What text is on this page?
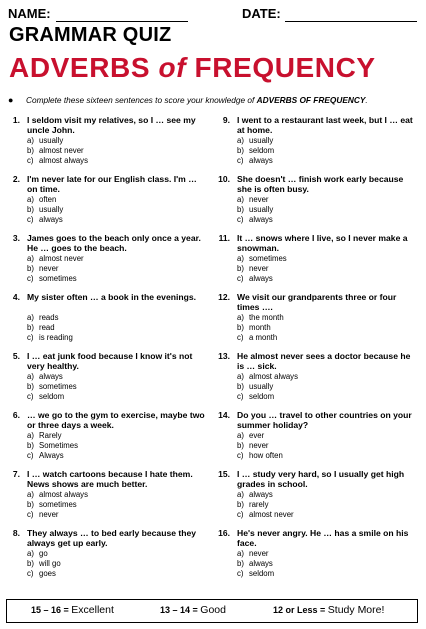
NAME:	DATE:
GRAMMAR QUIZ
ADVERBS of FREQUENCY
● Complete these sixteen sentences to score your knowledge of ADVERBS OF FREQUENCY.
1. I seldom visit my relatives, so I … see my uncle John.
a) usually
b) almost never
c) almost always
2. I'm never late for our English class. I'm … on time.
a) often
b) usually
c) always
3. James goes to the beach only once a year. He … goes to the beach.
a) almost never
b) never
c) sometimes
4. My sister often … a book in the evenings.
a) reads
b) read
c) is reading
5. I … eat junk food because I know it's not very healthy.
a) always
b) sometimes
c) seldom
6. … we go to the gym to exercise, maybe two or three days a week.
a) Rarely
b) Sometimes
c) Always
7. I … watch cartoons because I hate them. News shows are much better.
a) almost always
b) sometimes
c) never
8. They always … to bed early because they always get up early.
a) go
b) will go
c) goes
9. I went to a restaurant last week, but I … eat at home.
a) usually
b) seldom
c) always
10. She doesn't … finish work early because she is often busy.
a) never
b) usually
c) always
11. It … snows where I live, so I never make a snowman.
a) sometimes
b) never
c) always
12. We visit our grandparents three or four times ….
a) the month
b) month
c) a month
13. He almost never sees a doctor because he is … sick.
a) almost always
b) usually
c) seldom
14. Do you … travel to other countries on your summer holiday?
a) ever
b) never
c) how often
15. I … study very hard, so I usually get high grades in school.
a) always
b) rarely
c) almost never
16. He's never angry. He … has a smile on his face.
a) never
b) always
c) seldom
15 – 16 = Excellent	13 – 14 = Good	12 or Less = Study More!
